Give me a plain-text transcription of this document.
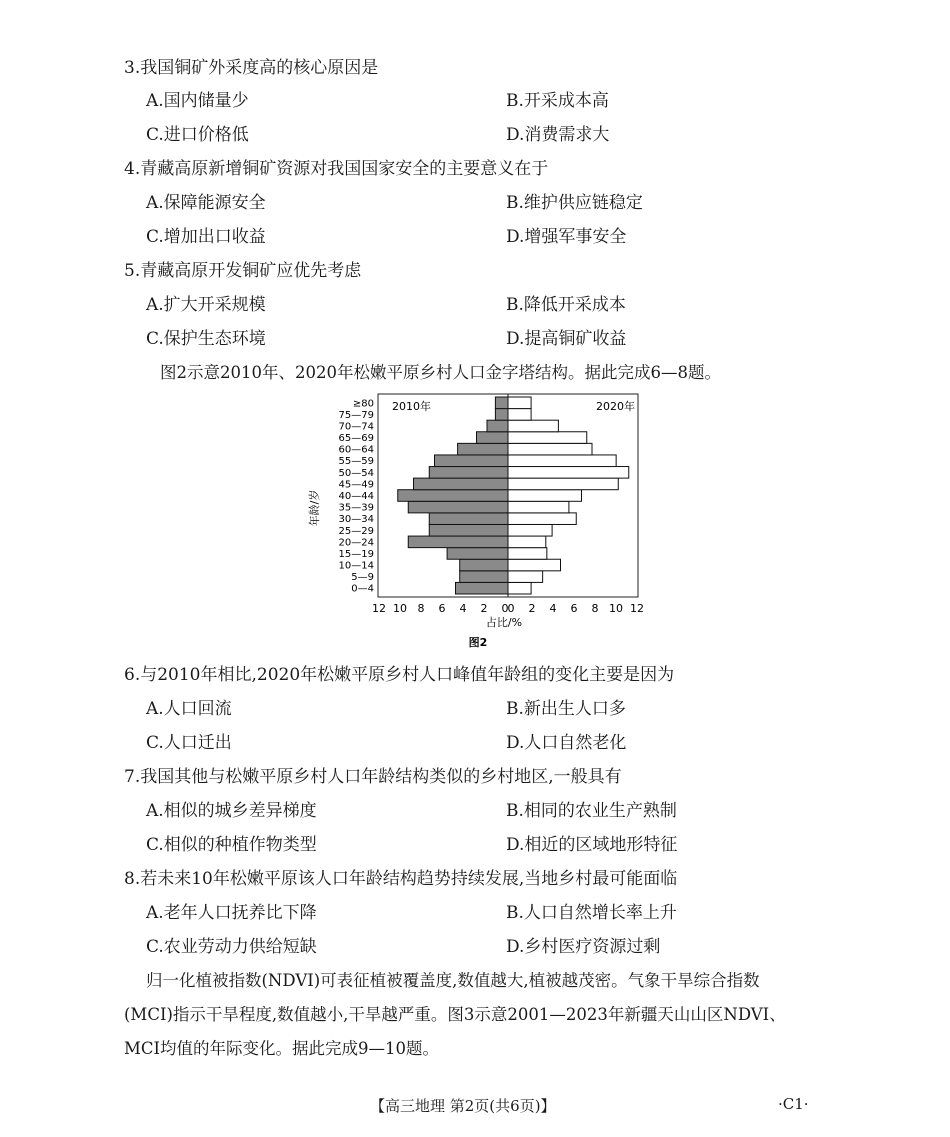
3.我国铜矿外采度高的核心原因是
A.国内储量少	B.开采成本高
C.进口价格低	D.消费需求大
4.青藏高原新增铜矿资源对我国国家安全的主要意义在于
A.保障能源安全	B.维护供应链稳定
C.增加出口收益	D.增强军事安全
5.青藏高原开发铜矿应优先考虑
A.扩大开采规模	B.降低开采成本
C.保护生态环境	D.提高铜矿收益
图2示意2010年、2020年松嫩平原乡村人口金字塔结构。据此完成6—8题。
2010年	2020年
年龄/岁
占比/%
图2
0—4
5—9
10—14
15—19
20—24
25—29
30—34
35—39
40—44
45—49
50—54
55—59
60—64
65—69
70—74
75—79
≥80
12 10 8 6 4 2 0 0 2 4 6 8 10 12
6.与2010年相比,2020年松嫩平原乡村人口峰值年龄组的变化主要是因为
A.人口回流	B.新出生人口多
C.人口迁出	D.人口自然老化
7.我国其他与松嫩平原乡村人口年龄结构类似的乡村地区,一般具有
A.相似的城乡差异梯度	B.相同的农业生产熟制
C.相似的种植作物类型	D.相近的区域地形特征
8.若未来10年松嫩平原该人口年龄结构趋势持续发展,当地乡村最可能面临
A.老年人口抚养比下降	B.人口自然增长率上升
C.农业劳动力供给短缺	D.乡村医疗资源过剩
归一化植被指数(NDVI)可表征植被覆盖度,数值越大,植被越茂密。气象干旱综合指数
(MCI)指示干旱程度,数值越小,干旱越严重。图3示意2001—2023年新疆天山山区NDVI、
MCI均值的年际变化。据此完成9—10题。
【高三地理 第2页(共6页)】	·C1·
